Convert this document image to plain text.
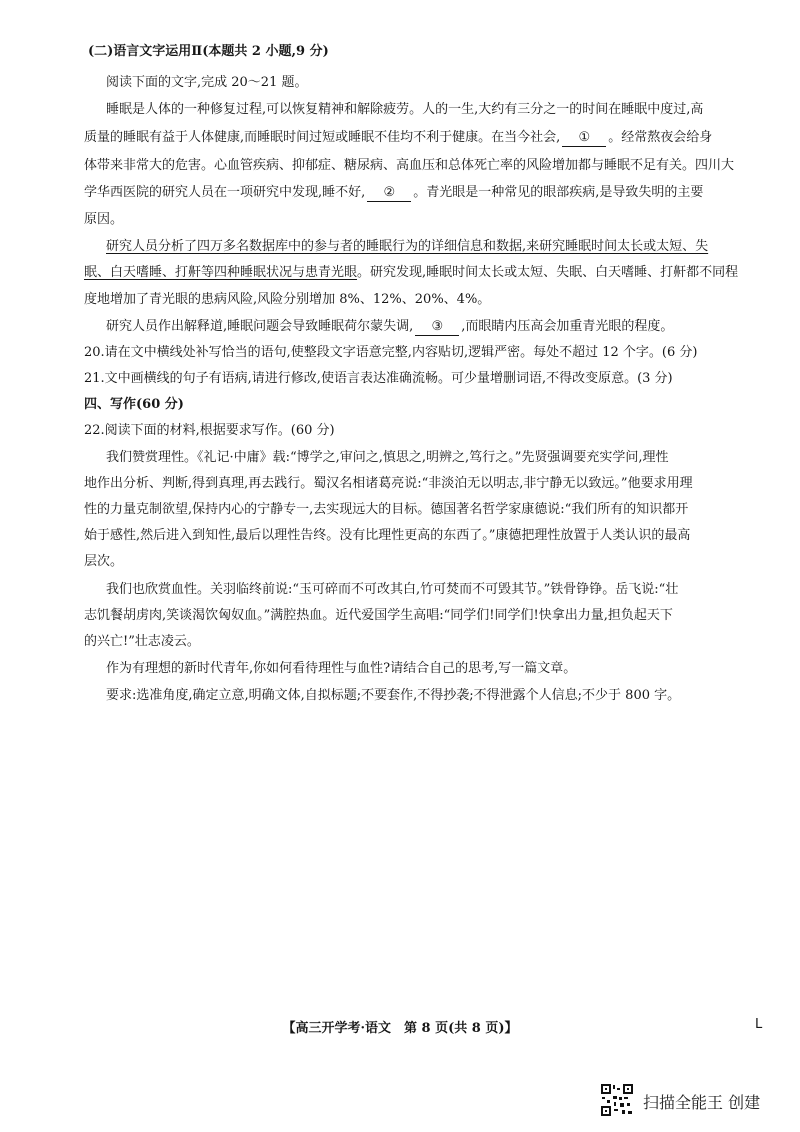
(二)语言文字运用Ⅱ(本题共 2 小题,9 分)
阅读下面的文字,完成 20～21 题。
睡眠是人体的一种修复过程,可以恢复精神和解除疲劳。人的一生,大约有三分之一的时间在睡眠中度过,高
质量的睡眠有益于人体健康,而睡眠时间过短或睡眠不佳均不利于健康。在当今社会, ① 。经常熬夜会给身
体带来非常大的危害。心血管疾病、抑郁症、糖尿病、高血压和总体死亡率的风险增加都与睡眠不足有关。四川大
学华西医院的研究人员在一项研究中发现,睡不好, ② 。青光眼是一种常见的眼部疾病,是导致失明的主要
原因。
研究人员分析了四万多名数据库中的参与者的睡眠行为的详细信息和数据,来研究睡眠时间太长或太短、失
眠、白天嗜睡、打鼾等四种睡眠状况与患青光眼。研究发现,睡眠时间太长或太短、失眠、白天嗜睡、打鼾都不同程
度地增加了青光眼的患病风险,风险分别增加 8%、12%、20%、4%。
研究人员作出解释道,睡眠问题会导致睡眠荷尔蒙失调, ③ ,而眼睛内压高会加重青光眼的程度。
20.请在文中横线处补写恰当的语句,使整段文字语意完整,内容贴切,逻辑严密。每处不超过 12 个字。(6 分)
21.文中画横线的句子有语病,请进行修改,使语言表达准确流畅。可少量增删词语,不得改变原意。(3 分)
四、写作(60 分)
22.阅读下面的材料,根据要求写作。(60 分)
我们赞赏理性。《礼记·中庸》载:“博学之,审问之,慎思之,明辨之,笃行之。”先贤强调要充实学问,理性
地作出分析、判断,得到真理,再去践行。蜀汉名相诸葛亮说:“非淡泊无以明志,非宁静无以致远。”他要求用理
性的力量克制欲望,保持内心的宁静专一,去实现远大的目标。德国著名哲学家康德说:“我们所有的知识都开
始于感性,然后进入到知性,最后以理性告终。没有比理性更高的东西了。”康德把理性放置于人类认识的最高
层次。
我们也欣赏血性。关羽临终前说:“玉可碎而不可改其白,竹可焚而不可毁其节。”铁骨铮铮。岳飞说:“壮
志饥餐胡虏肉,笑谈渴饮匈奴血。”满腔热血。近代爱国学生高唱:“同学们!同学们!快拿出力量,担负起天下
的兴亡!”壮志凌云。
作为有理想的新时代青年,你如何看待理性与血性?请结合自己的思考,写一篇文章。
要求:选准角度,确定立意,明确文体,自拟标题;不要套作,不得抄袭;不得泄露个人信息;不少于 800 字。
【高三开学考·语文　第 8 页(共 8 页)】	L
扫描全能王 创建
